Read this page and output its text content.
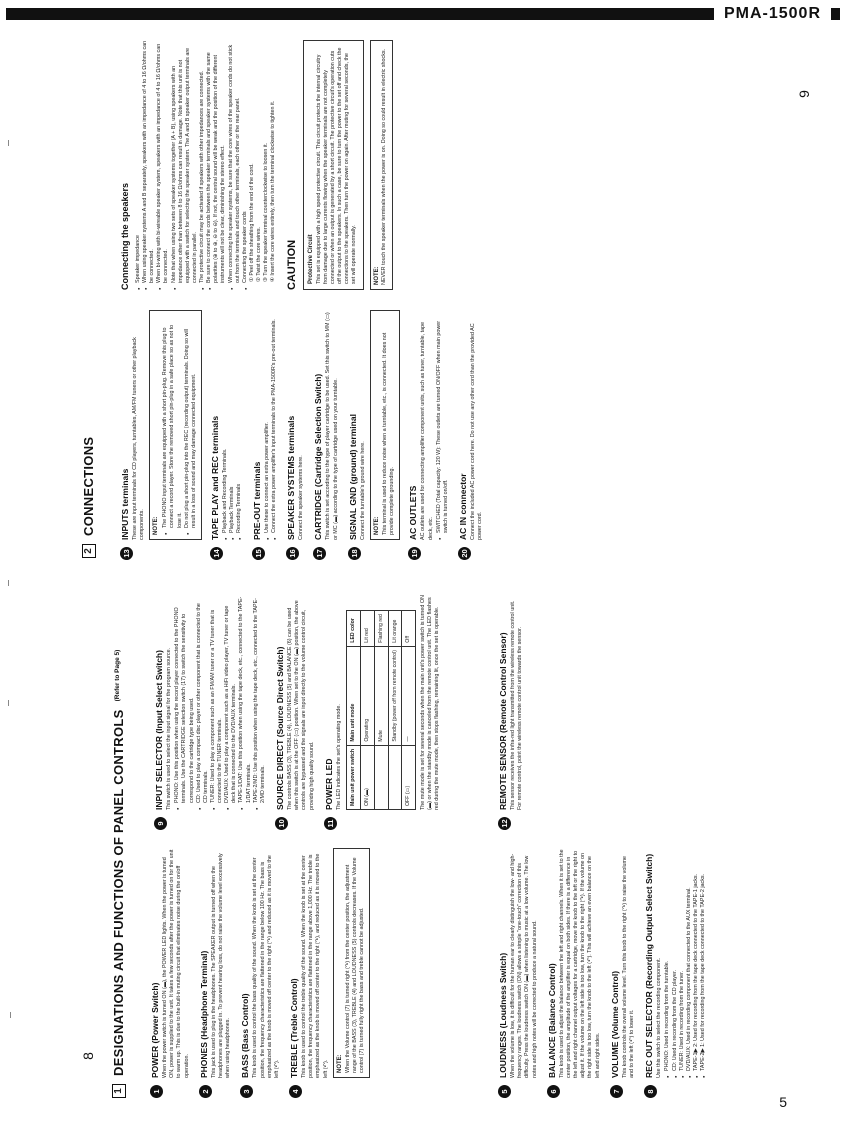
PMA-1500R
5
8
9
1
DESIGNATIONS AND FUNCTIONS OF PANEL CONTROLS
(Refer to Page 5)
2
CONNECTIONS
1
POWER (Power Switch) When the power switch is turned ON (▬), the POWER LED lights. When the power is turned ON, power is supplied to the unit. It takes a few seconds after the power is turned on for the unit to warm up. This is due to the built-in muting circuit that eliminates noise during the on/off operation.
2
PHONES (Headphone Terminal) This jack is used to plug in the headphones. The SPEAKER output is turned off when the headphones are plugged in. To prevent hearing loss, do not raise the volume level excessively when using headphones.
3
BASS (Bass Control) This knob is used to control the bass quality of the sound. When the knob is set at the center position, the frequency characteristics are flattened in the range below 100 Hz. The bass is emphasized as the knob is moved off center to the right (↷) and reduced as it is moved to the left (↶).
4
TREBLE (Treble Control) This knob is used to control the treble quality of the sound. When the knob is set at the center position, the frequency characteristics are flattened in the range above 1,000 Hz. The treble is emphasized as the knob is moved off center to the right (↷), and reduced as it is moved to the left (↶). NOTE: When the Volume control (7) is turned right (↷) from the center position, the adjustment range of the BASS (3), TREBLE (4) and LOUDNESS (5) controls decreases. If the Volume control (7) is turned fully right the bass and treble cannot be adjusted.
9
INPUT SELECTOR (Input Select Switch) This switch is used to select the input signal for the program source. ● PHONO: Use this position when using the record player connected to the PHONO terminals. Use the CARTRIDGE selection switch (17) to switch the sensitivity to correspond to the cartridge type being used. ● CD: Used to play a compact disc player or other component that is connected to the CD terminals. ● TUNER: Used to play a component such as an FM/AM tuner or a TV tuner that is connected to the TUNER terminals. ● DVD/AUX: Used to play a component such as a HiFi video player, TV tuner or tape deck that is connected to the DVD/AUX terminals. ● TAPE-1/DAT: Use this position when using the tape deck, etc., connected to the TAPE-1/DAT terminals. ● TAPE-2/MD: Use this position when using the tape deck, etc., connected to the TAPE-2/MD terminals.
10
SOURCE DIRECT (Source Direct Switch) The controls BASS (3), TREBLE (4), LOUDNESS (5) and BALANCE (6) can be used when this switch is at the OFF (▭) position. When set to the ON (▬) position, the above controls are bypassed and the signals are input directly to the volume control circuit, providing high quality sound.
11
POWER LED The LED indicates the set's operating mode. Main unit power switch	Main unit mode	LED color
ON (▬)	Operating	Lit red
	Mute	Flashing red
	Standby (power off from remote control)	Lit orange
OFF (▭)	—	Off The mute mode is set for several seconds when the main unit's power switch is turned ON (▬) or when the standby mode is canceled from the remote control unit. The LED flashes red during the mute mode, then stops flashing, remaining lit, once the set is operable.
5
LOUDNESS (Loudness Switch) When the volume is low, it is difficult for the human ear to clearly distinguish the low- and high-frequency ranges. The loudness switch (ON) allows a simple "one-touch" correction of this difficulty. Press the loudness switch ON (▬) when listening to music at a low volume. The low notes and high notes will be corrected to produce a natural sound.
6
BALANCE (Balance Control) This knob is used to adjust the balance between the left and right channels. When it is set to the center position, the amplitude of the amplifier is equal on both sides. If there is a difference in the left and right channel output voltages for a cartridge, move the knob to the left or the right to adjust it. If the volume on the left side is too low, turn the knob to the right (↷). If the volume on the right side is too low, turn the knob to the left (↶). This will achieve an even balance on the left and right sides.
7
VOLUME (Volume Control) This knob controls the overall volume level. Turn this knob to the right (↷) to raise the volume and to the left (↶) to lower it.
8
REC OUT SELECTOR (Recording Output Select Switch) Use this switch to select the recording component. ● PHONO: Used in recording from the turntable. ● CD: Used in recording from the CD player. ● TUNER: Used in recording from the tuner. ● DVD/AUX: Used in recording component that connected to the AUX terminal. ● TAPE-1▶ 2: Used for recording from the tape deck connected to the TAPE-1 jacks. ● TAPE-2▶ 1: Used for recording from the tape deck connected to the TAPE-2 jacks.
12
REMOTE SENSOR (Remote Control Sensor) This sensor receives the infra-red light transmitted from the wireless remote control unit. For remote control, point the wireless remote control unit towards the sensor.
13
INPUTS terminals These are input terminals for CD players, turntables, AM/FM tuners or other playback components. NOTE: ● The PHONO input terminals are equipped with a short pin-plug. Remove this plug to connect a record player. Store the removed short pin-plug in a safe place so as not to lose it. ● Do not plug a short pin-plug into the REC (recording output) terminals. Doing so will result in a loss of sound and may damage connected equipment.
14
TAPE PLAY and REC terminals ● Playback and Recording Terminals. ● Playback Terminals ● Recording Terminals
15
PRE-OUT terminals ● Use these to connect an extra power amplifier. ● Connect the extra power amplifier's input terminals to the PMA-1500R's pre-out terminals.
16
SPEAKER SYSTEMS terminals Connect the speaker systems here.
17
CARTRIDGE (Cartridge Selection Switch) This switch is set according to the type of player cartridge to be used. Set this switch to MM (▭) or MC (▬) according to the type of cartridge used on your turntable.
18
SIGNAL GND (ground) terminal Connect the turntable's ground wire here. NOTE: This terminal is used to reduce noise when a turntable, etc., is connected. It does not provide complete grounding.
19
AC OUTLETS AC outlets are used for connecting amplifier component units, such as tuner, turntable, tape deck, etc. ● SWITCHED (Total capacity: 120 W): These outlets are turned ON/OFF when main power switch is turned on/off.
20
AC IN connector Connect the included AC power cord here. Do not use any other cord than the provided AC power cord.
Connecting the speakers ● Speaker impedance ● When using speaker systems A and B separately, speakers with an impedance of 4 to 16 Ω/ohms can be connected. ● When bi-wiring with bi-wireable speaker system, speakers with an impedance of 4 to 16 Ω/ohms can be connected. ● Note that when using two sets of speaker systems together (A + B), using speakers with an impedance other than between 8 to 16 Ω/ohms can result in damage. Note that this unit is not equipped with a switch for selecting the speaker system. The A and B speaker output terminals are connected in parallel. ● The protective circuit may be activated if speakers with other impedances are connected. ● Be sure to connect the cords between the speaker terminals and speaker systems with the same polarities (⊕ to ⊕, ⊖ to ⊖). If not, the central sound will be weak and the position of the different instruments will not be clear, diminishing the stereo effect. ● When connecting the speaker systems, be sure that the core wires of the speaker cords do not stick out from the terminals and touch other terminals, each other or the rear panel. ● Connecting the speaker cords ① Peel off the sheathing from the end of the cord. ② Twist the core wires. ③ Turn the speaker terminal counterclockwise to loosen it. ④ Insert the core wires entirely, then turn the terminal clockwise to tighten it. CAUTION Protective Circuit This set is equipped with a high speed protective circuit. This circuit protects the internal circuitry from damage due to large currents flowing when the speaker terminals are not completely connected or when an output is generated by a short circuit. The protective circuit's operation cuts off the output to the speakers. In such a case, be sure to turn the power to the set off and check the connections to the speakers. Then turn the power on again. After muting for several seconds, the set will operate normally.	NOTE: NEVER touch the speaker terminals when the power is on. Doing so could result in electric shocks.
